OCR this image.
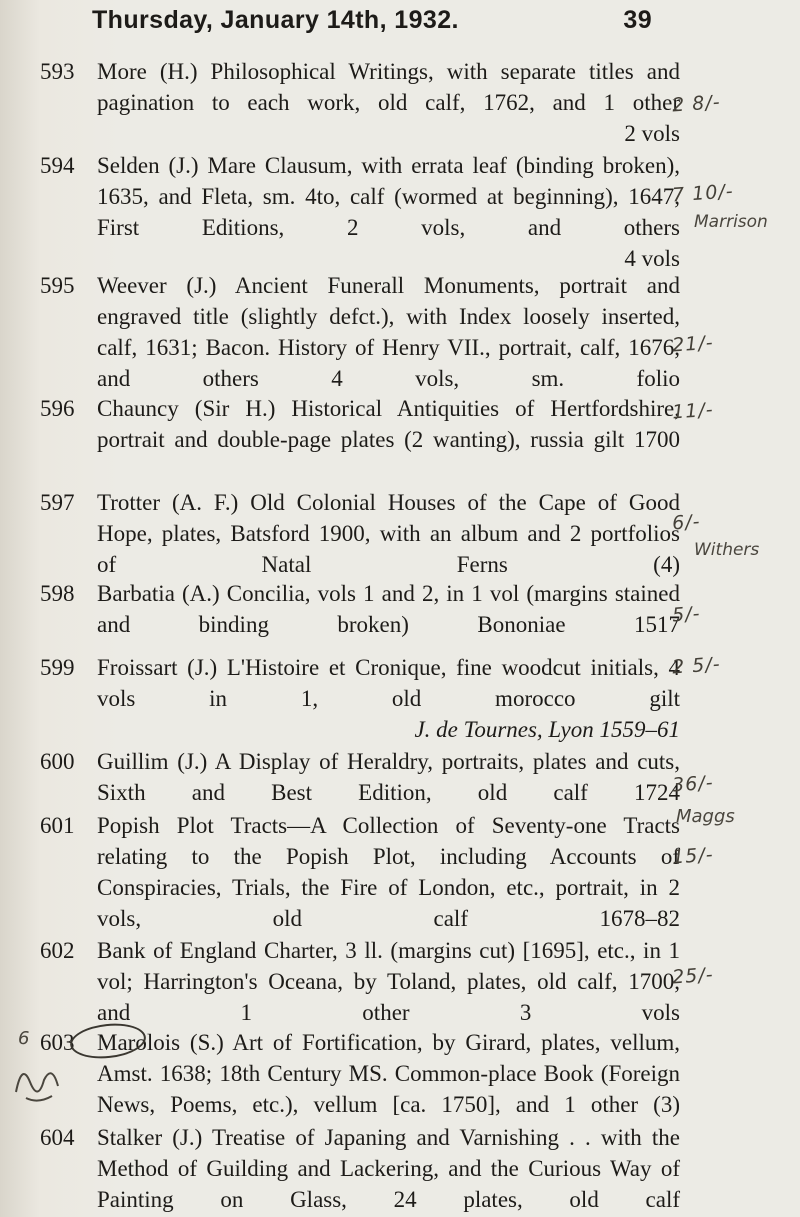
Thursday, January 14th, 1932.	39
593 More (H.) Philosophical Writings, with separate titles and pagination to each work, old calf, 1762, and 1 other
2 vols
2 8/-
594 Selden (J.) Mare Clausum, with errata leaf (binding broken), 1635, and Fleta, sm. 4to, calf (wormed at beginning), 1647, First Editions, 2 vols, and others
4 vols
7 10/-
Marrison
595 Weever (J.) Ancient Funerall Monuments, portrait and engraved title (slightly defct.), with Index loosely inserted, calf, 1631; Bacon. History of Henry VII., portrait, calf, 1676, and others 4 vols, sm. folio
21/-
596 Chauncy (Sir H.) Historical Antiquities of Hertfordshire, portrait and double-page plates (2 wanting), russia gilt 1700
11/-
597 Trotter (A. F.) Old Colonial Houses of the Cape of Good Hope, plates, Batsford 1900, with an album and 2 portfolios of Natal Ferns (4)
6/-
Withers
598 Barbatia (A.) Concilia, vols 1 and 2, in 1 vol (margins stained and binding broken) Bononiae 1517
5/-
599 Froissart (J.) L'Histoire et Cronique, fine woodcut initials, 4 vols in 1, old morocco gilt
J. de Tournes, Lyon 1559–61
2 5/-
600 Guillim (J.) A Display of Heraldry, portraits, plates and cuts, Sixth and Best Edition, old calf 1724
36/-
601 Popish Plot Tracts—A Collection of Seventy-one Tracts relating to the Popish Plot, including Accounts of Conspiracies, Trials, the Fire of London, etc., portrait, in 2 vols, old calf 1678–82
Maggs
15/-
602 Bank of England Charter, 3 ll. (margins cut) [1695], etc., in 1 vol; Harrington's Oceana, by Toland, plates, old calf, 1700, and 1 other 3 vols
25/-
603 Marolois (S.) Art of Fortification, by Girard, plates, vellum, Amst. 1638; 18th Century MS. Common-place Book (Foreign News, Poems, etc.), vellum [ca. 1750], and 1 other (3)
6
604 Stalker (J.) Treatise of Japaning and Varnishing . . with the Method of Guilding and Lackering, and the Curious Way of Painting on Glass, 24 plates, old calf
